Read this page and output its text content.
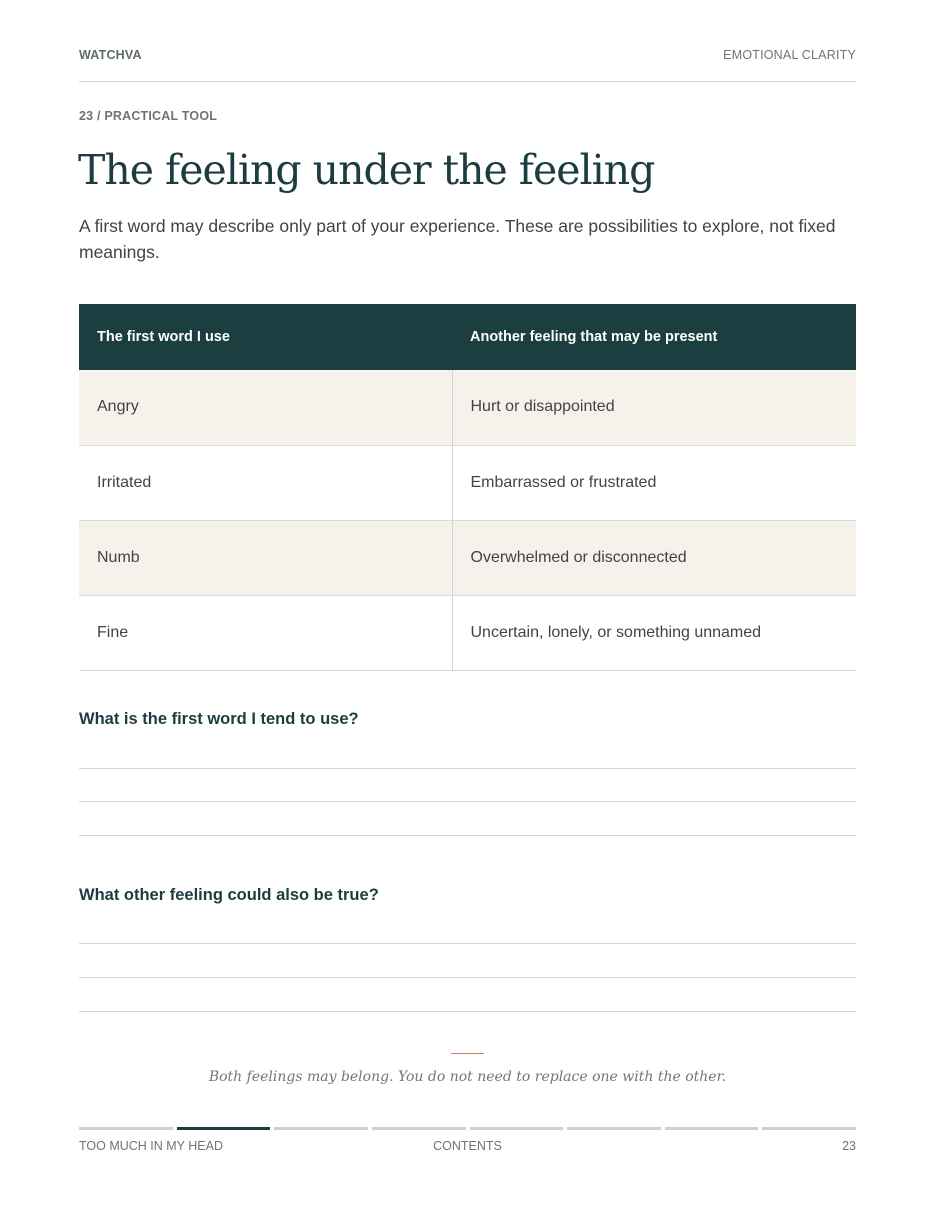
WATCHVA	EMOTIONAL CLARITY
23 / PRACTICAL TOOL
The feeling under the feeling

A first word may describe only part of your experience. These are possibilities to explore, not fixed meanings.

The first word I use	Another feeling that may be present
Angry	Hurt or disappointed
Irritated	Embarrassed or frustrated
Numb	Overwhelmed or disconnected
Fine	Uncertain, lonely, or something unnamed
What is the first word I tend to use?
What other feeling could also be true?

Both feelings may belong. You do not need to replace one with the other.

TOO MUCH IN MY HEAD	CONTENTS	23
